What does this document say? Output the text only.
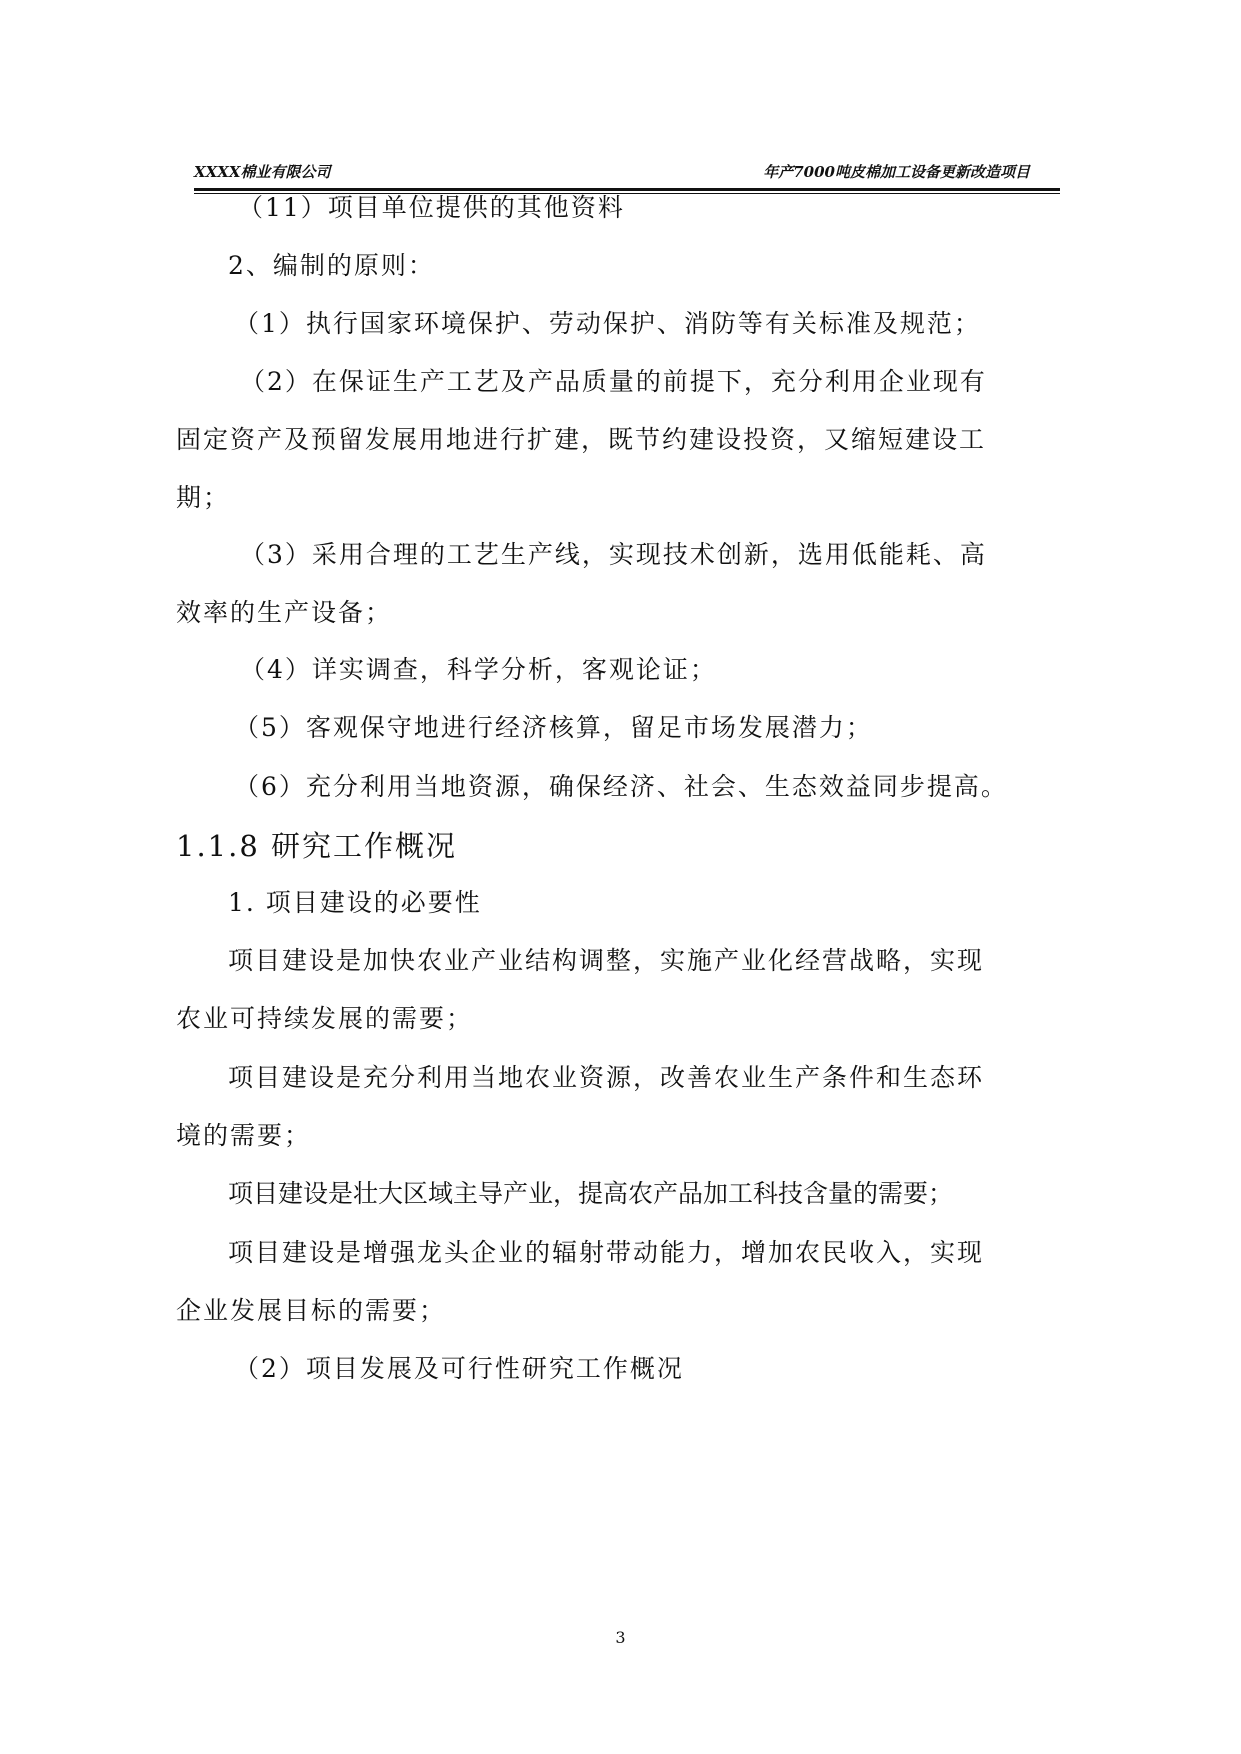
XXXX棉业有限公司	年产7000吨皮棉加工设备更新改造项目
（11）项目单位提供的其他资料
2、编制的原则：
（1）执行国家环境保护、劳动保护、消防等有关标准及规范；
（2）在保证生产工艺及产品质量的前提下，充分利用企业现有
固定资产及预留发展用地进行扩建，既节约建设投资，又缩短建设工
期；
（3）采用合理的工艺生产线，实现技术创新，选用低能耗、高
效率的生产设备；
（4）详实调查，科学分析，客观论证；
（5）客观保守地进行经济核算，留足市场发展潜力；
（6）充分利用当地资源，确保经济、社会、生态效益同步提高。
1.1.8 研究工作概况
1. 项目建设的必要性
项目建设是加快农业产业结构调整，实施产业化经营战略，实现
农业可持续发展的需要；
项目建设是充分利用当地农业资源，改善农业生产条件和生态环
境的需要；
项目建设是壮大区域主导产业，提高农产品加工科技含量的需要；
项目建设是增强龙头企业的辐射带动能力，增加农民收入，实现
企业发展目标的需要；
（2）项目发展及可行性研究工作概况
3
